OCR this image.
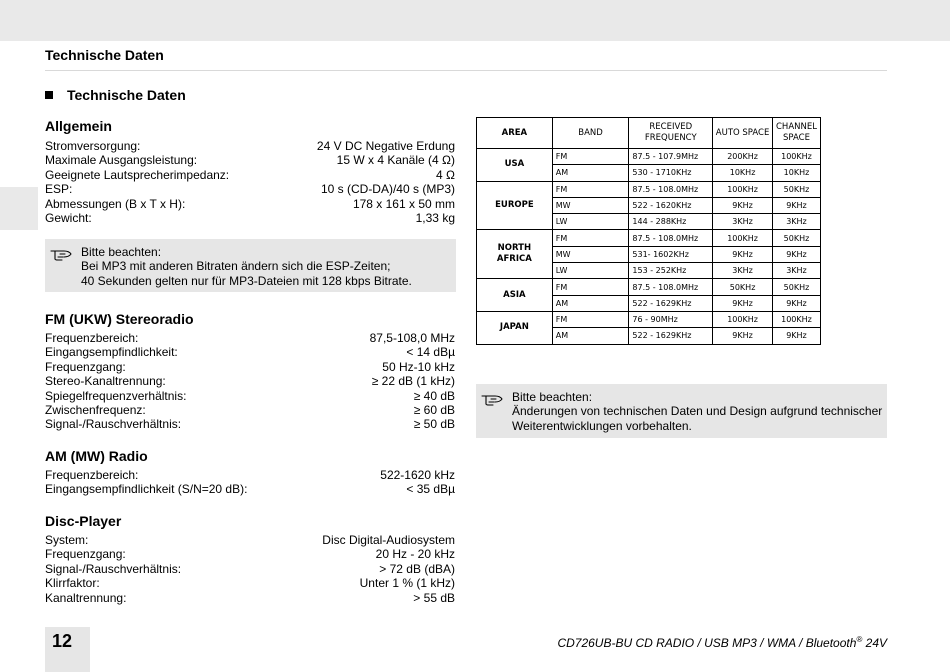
Technische Daten
Technische Daten
Allgemein
Stromversorgung:	24 V DC Negative Erdung
Maximale Ausgangsleistung:	15 W x 4 Kanäle (4 Ω)
Geeignete Lautsprecherimpedanz:	4 Ω
ESP:	10 s (CD-DA)/40 s (MP3)
Abmessungen (B x T x H):	178 x 161 x 50 mm
Gewicht:	1,33 kg
Bitte beachten:
Bei MP3 mit anderen Bitraten ändern sich die ESP-Zeiten;
40 Sekunden gelten nur für MP3-Dateien mit 128 kbps Bitrate.
FM (UKW) Stereoradio
Frequenzbereich:	87,5-108,0 MHz
Eingangsempfindlichkeit:	< 14 dBµ
Frequenzgang:	50 Hz-10 kHz
Stereo-Kanaltrennung:	≥ 22 dB (1 kHz)
Spiegelfrequenzverhältnis:	≥ 40 dB
Zwischenfrequenz:	≥ 60 dB
Signal-/Rauschverhältnis:	≥ 50 dB
AM (MW) Radio
Frequenzbereich:	522-1620 kHz
Eingangsempfindlichkeit (S/N=20 dB):	< 35 dBµ
Disc-Player
System:	Disc Digital-Audiosystem
Frequenzgang:	20 Hz - 20 kHz
Signal-/Rauschverhältnis:	> 72 dB (dBA)
Klirrfaktor:	Unter 1 % (1 kHz)
Kanaltrennung:	> 55 dB
AREA	BAND	RECEIVED FREQUENCY	AUTO SPACE	CHANNEL SPACE
USA	FM	87.5 - 107.9MHz	200KHz	100KHz
	AM	530 - 1710KHz	10KHz	10KHz
EUROPE	FM	87.5 - 108.0MHz	100KHz	50KHz
	MW	522 - 1620KHz	9KHz	9KHz
	LW	144 - 288KHz	3KHz	3KHz
NORTH AFRICA	FM	87.5 - 108.0MHz	100KHz	50KHz
	MW	531- 1602KHz	9KHz	9KHz
	LW	153 - 252KHz	3KHz	3KHz
ASIA	FM	87.5 - 108.0MHz	50KHz	50KHz
	AM	522 - 1629KHz	9KHz	9KHz
JAPAN	FM	76 - 90MHz	100KHz	100KHz
	AM	522 - 1629KHz	9KHz	9KHz
Bitte beachten:
Änderungen von technischen Daten und Design aufgrund technischer
Weiterentwicklungen vorbehalten.
12	CD726UB-BU CD RADIO / USB MP3 / WMA / Bluetooth® 24V
